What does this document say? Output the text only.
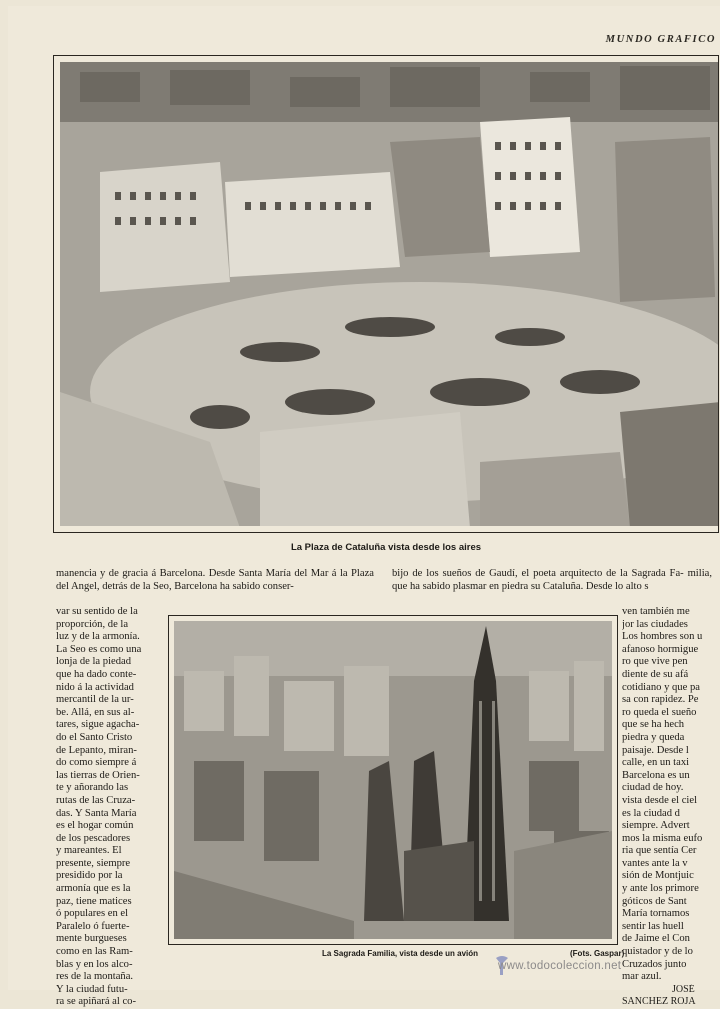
MUNDO GRAFICO
La Plaza de Cataluña vista desde los aires
manencia y de gracia á Barcelona. Desde Santa María del Mar á la Plaza del Angel, detrás de la Seo, Barcelona ha sabido conser-
var su sentido de la
proporción, de la
luz y de la armonía.
La Seo es como una
lonja de la piedad
que ha dado conte-
nido á la actividad
mercantil de la ur-
be. Allá, en sus al-
tares, sigue agacha-
do el Santo Cristo
de Lepanto, miran-
do como siempre á
las tierras de Orien-
te y añorando las
rutas de las Cruza-
das. Y Santa María
es el hogar común
de los pescadores
y mareantes. El
presente, siempre
presidido por la
armonía que es la
paz, tiene matices
ó populares en el
Paralelo ó fuerte-
mente burgueses
como en las Ram-
blas y en los alco-
res de la montaña.
Y la ciudad futu-
ra se apiñará al co-
bijo de los sueños de Gaudí, el poeta arquitecto de la Sagrada Fa- milia, que ha sabido plasmar en piedra su Cataluña. Desde lo alto s
ven también me
jor las ciudades
Los hombres son u
afanoso hormigue
ro que vive pen
diente de su afá
cotidiano y que pa
sa con rapidez. Pe
ro queda el sueño
que se ha hech
piedra y queda
paisaje. Desde l
calle, en un taxi
Barcelona es un
ciudad de hoy.
vista desde el ciel
es la ciudad d
siempre. Advert
mos la misma eufo
ria que sentía Cer
vantes ante la v
sión de Montjuic
y ante los primore
góticos de Sant
María tornamos
sentir las huell
de Jaime el Con
quistador y de lo
Cruzados junto
mar azul.
JOSÉ
SANCHEZ ROJA
La Sagrada Familia, vista desde un avión	(Fots. Gaspar)
www.todocoleccion.net
